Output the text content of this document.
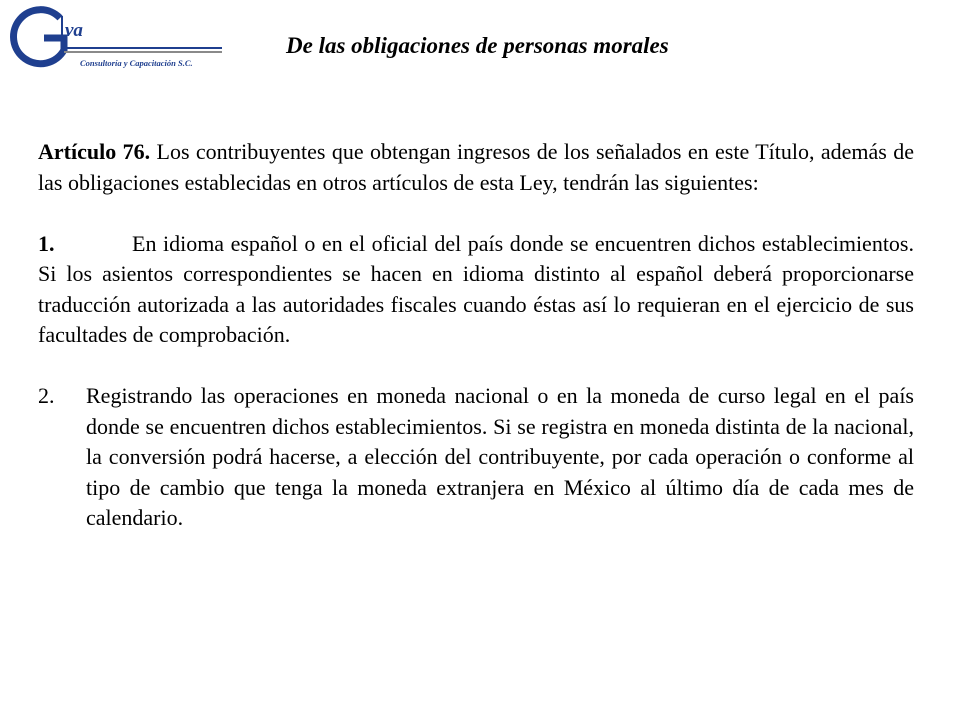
va
Consultoría y Capacitación S.C.
De las obligaciones de personas morales

Artículo 76. Los contribuyentes que obtengan ingresos de los señalados en este Título, además de las obligaciones establecidas en otros artículos de esta Ley, tendrán las siguientes:

1.	En idioma español o en el oficial del país donde se encuentren dichos establecimientos. Si los asientos correspondientes se hacen en idioma distinto al español deberá proporcionarse traducción autorizada a las autoridades fiscales cuando éstas así lo requieran en el ejercicio de sus facultades de comprobación.

2.	Registrando las operaciones en moneda nacional o en la moneda de curso legal en el país donde se encuentren dichos establecimientos. Si se registra en moneda distinta de la nacional, la conversión podrá hacerse, a elección del contribuyente, por cada operación o conforme al tipo de cambio que tenga la moneda extranjera en México al último día de cada mes de calendario.
